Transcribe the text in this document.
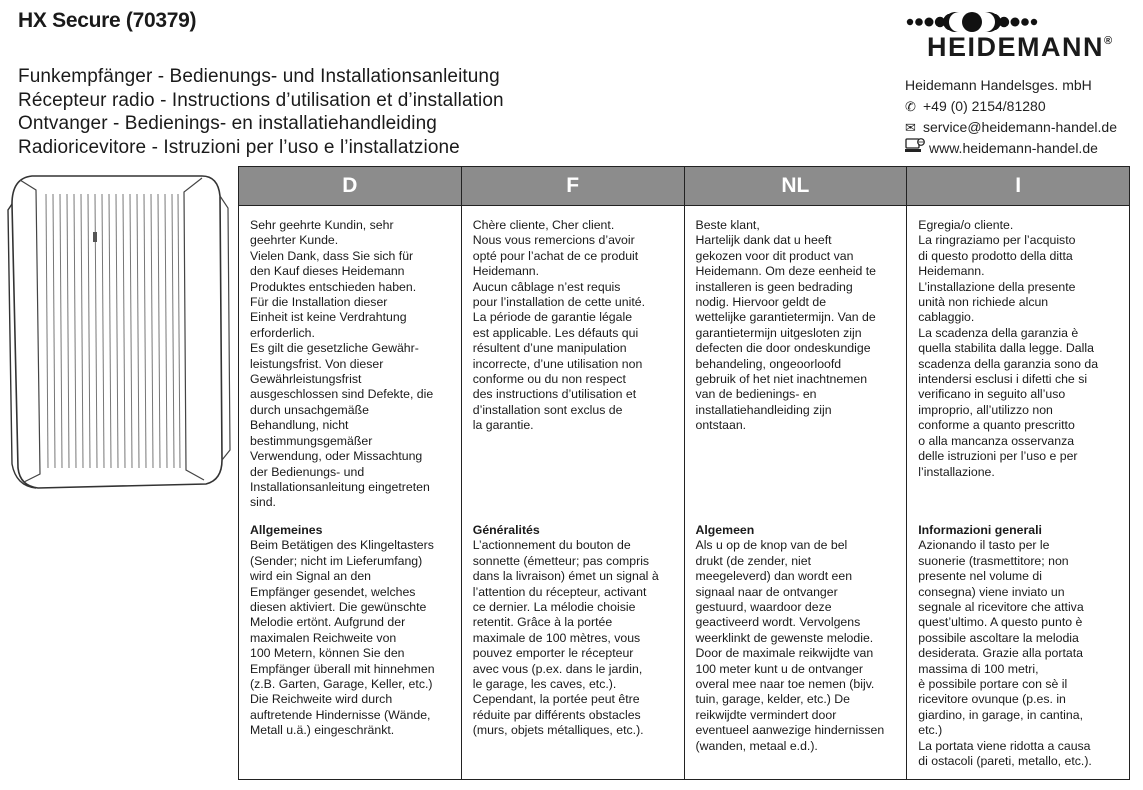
HX Secure (70379)
Funkempfänger - Bedienungs- und Installationsanleitung
Récepteur radio - Instructions d’utilisation et d’installation
Ontvanger - Bedienings- en installatiehandleiding
Radioricevitore - Istruzioni per l’uso e l’installatzione
HEIDEMANN®
Heidemann Handelsges. mbH
✆ +49 (0) 2154/81280
✉ service@heidemann-handel.de
www.heidemann-handel.de
D
Sehr geehrte Kundin, sehr
geehrter Kunde.
Vielen Dank, dass Sie sich für
den Kauf dieses Heidemann
Produktes entschieden haben.
Für die Installation dieser
Einheit ist keine Verdrahtung
erforderlich.
Es gilt die gesetzliche Gewähr-
leistungsfrist. Von dieser
Gewährleistungsfrist
ausgeschlossen sind Defekte, die
durch unsachgemäße
Behandlung, nicht
bestimmungsgemäßer
Verwendung, oder Missachtung
der Bedienungs- und
Installationsanleitung eingetreten
sind.
Allgemeines
Beim Betätigen des Klingeltasters
(Sender; nicht im Lieferumfang)
wird ein Signal an den
Empfänger gesendet, welches
diesen aktiviert. Die gewünschte
Melodie ertönt. Aufgrund der
maximalen Reichweite von
100 Metern, können Sie den
Empfänger überall mit hinnehmen
(z.B. Garten, Garage, Keller, etc.)
Die Reichweite wird durch
auftretende Hindernisse (Wände,
Metall u.ä.) eingeschränkt.
F
Chère cliente, Cher client.
Nous vous remercions d’avoir
opté pour l’achat de ce produit
Heidemann.
Aucun câblage n’est requis
pour l’installation de cette unité.
La période de garantie légale
est applicable. Les défauts qui
résultent d’une manipulation
incorrecte, d’une utilisation non
conforme ou du non respect
des instructions d’utilisation et
d’installation sont exclus de
la garantie.
Généralités
L’actionnement du bouton de
sonnette (émetteur; pas compris
dans la livraison) émet un signal à
l’attention du récepteur, activant
ce dernier. La mélodie choisie
retentit. Grâce à la portée
maximale de 100 mètres, vous
pouvez emporter le récepteur
avec vous (p.ex. dans le jardin,
le garage, les caves, etc.).
Cependant, la portée peut être
réduite par différents obstacles
(murs, objets métalliques, etc.).
NL
Beste klant,
Hartelijk dank dat u heeft
gekozen voor dit product van
Heidemann. Om deze eenheid te
installeren is geen bedrading
nodig. Hiervoor geldt de
wettelijke garantietermijn. Van de
garantietermijn uitgesloten zijn
defecten die door ondeskundige
behandeling, ongeoorloofd
gebruik of het niet inachtnemen
van de bedienings- en
installatiehandleiding zijn
ontstaan.
Algemeen
Als u op de knop van de bel
drukt (de zender, niet
meegeleverd) dan wordt een
signaal naar de ontvanger
gestuurd, waardoor deze
geactiveerd wordt. Vervolgens
weerklinkt de gewenste melodie.
Door de maximale reikwijdte van
100 meter kunt u de ontvanger
overal mee naar toe nemen (bijv.
tuin, garage, kelder, etc.) De
reikwijdte vermindert door
eventueel aanwezige hindernissen
(wanden, metaal e.d.).
I
Egregia/o cliente.
La ringraziamo per l’acquisto
di questo prodotto della ditta
Heidemann.
L’installazione della presente
unità non richiede alcun
cablaggio.
La scadenza della garanzia è
quella stabilita dalla legge. Dalla
scadenza della garanzia sono da
intendersi esclusi i difetti che si
verificano in seguito all’uso
improprio, all’utilizzo non
conforme a quanto prescritto
o alla mancanza osservanza
delle istruzioni per l’uso e per
l’installazione.
Informazioni generali
Azionando il tasto per le
suonerie (trasmettitore; non
presente nel volume di
consegna) viene inviato un
segnale al ricevitore che attiva
quest’ultimo. A questo punto è
possibile ascoltare la melodia
desiderata. Grazie alla portata
massima di 100 metri,
è possibile portare con sè il
ricevitore ovunque (p.es. in
giardino, in garage, in cantina,
etc.)
La portata viene ridotta a causa
di ostacoli (pareti, metallo, etc.).
